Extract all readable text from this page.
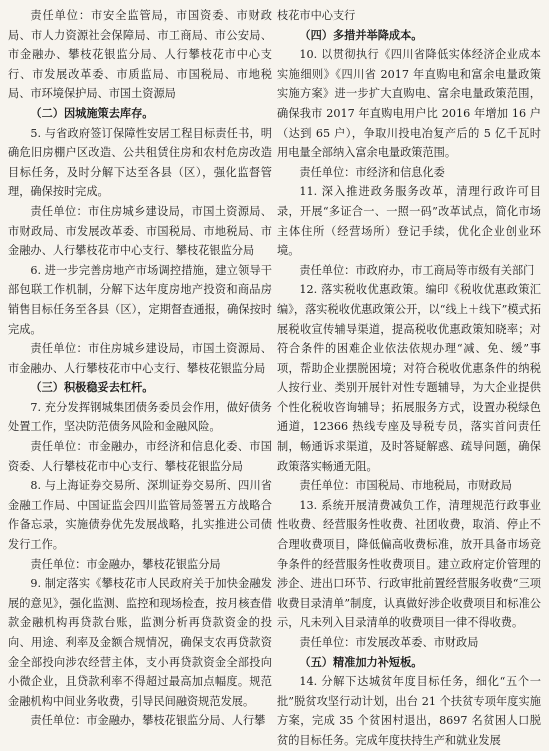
责任单位：市安全监管局，市国资委、市财政局、市人力资源社会保障局、市工商局、市公安局、市金融办、攀枝花银监分局、人行攀枝花市中心支行、市发展改革委、市质监局、市国税局、市地税局、市环境保护局、市国土资源局

（二）因城施策去库存。

5. 与省政府签订保障性安居工程目标责任书，明确危旧房棚户区改造、公共租赁住房和农村危房改造目标任务，及时分解下达至各县（区），强化监督管理，确保按时完成。

责任单位：市住房城乡建设局，市国土资源局、市财政局、市发展改革委、市国税局、市地税局、市金融办、人行攀枝花市中心支行、攀枝花银监分局

6. 进一步完善房地产市场调控措施，建立领导干部包联工作机制，分解下达年度房地产投资和商品房销售目标任务至各县（区），定期督查通报，确保按时完成。

责任单位：市住房城乡建设局，市国土资源局、市金融办、人行攀枝花市中心支行、攀枝花银监分局

（三）积极稳妥去杠杆。

7. 充分发挥钢城集团债务委员会作用，做好债务处置工作，坚决防范债务风险和金融风险。

责任单位：市金融办，市经济和信息化委、市国资委、人行攀枝花市中心支行、攀枝花银监分局

8. 与上海证券交易所、深圳证券交易所、四川省金融工作局、中国证监会四川监管局签署五方战略合作备忘录，实施债券优先发展战略，扎实推进公司债发行工作。

责任单位：市金融办，攀枝花银监分局

9. 制定落实《攀枝花市人民政府关于加快金融发展的意见》，强化监测、监控和现场检查，按月核查借款金融机构再贷款台账，监测分析再贷款资金的投向、用途、利率及金额合规情况，确保支农再贷款资金全部投向涉农经营主体，支小再贷款资金全部投向小微企业，且贷款利率不得超过最高加点幅度。规范金融机构中间业务收费，引导民间融资规范发展。

责任单位：市金融办，攀枝花银监分局、人行攀

枝花市中心支行

（四）多措并举降成本。

10. 以贯彻执行《四川省降低实体经济企业成本实施细则》《四川省 2017 年直购电和富余电量政策实施方案》进一步扩大直购电、富余电量政策范围，确保我市 2017 年直购电用户比 2016 年增加 16 户（达到 65 户），争取川投电冶复产后的 5 亿千瓦时用电量全部纳入富余电量政策范围。

责任单位：市经济和信息化委

11. 深入推进政务服务改革，清理行政许可目录，开展“多证合一、一照一码”改革试点，简化市场主体住所（经营场所）登记手续，优化企业创业环境。

责任单位：市政府办，市工商局等市级有关部门

12. 落实税收优惠政策。编印《税收优惠政策汇编》，落实税收优惠政策公开，以“线上＋线下”模式拓展税收宣传辅导渠道，提高税收优惠政策知晓率；对符合条件的困难企业依法依规办理“减、免、缓”事项，帮助企业摆脱困境；对符合税收优惠条件的纳税人按行业、类别开展针对性专题辅导，为大企业提供个性化税收咨询辅导；拓展服务方式，设置办税绿色通道，12366 热线专座及导税专员，落实首问责任制，畅通诉求渠道，及时答疑解惑、疏导问题，确保政策落实畅通无阻。

责任单位：市国税局、市地税局，市财政局

13. 系统开展清费减负工作，清理规范行政事业性收费、经营服务性收费、社团收费，取消、停止不合理收费项目，降低偏高收费标准，放开具备市场竞争条件的经营服务性收费项目。建立政府定价管理的涉企、进出口环节、行政审批前置经营服务收费“三项收费目录清单”制度，认真做好涉企收费项目和标准公示，凡未列入目录清单的收费项目一律不得收费。

责任单位：市发展改革委、市财政局

（五）精准加力补短板。

14. 分解下达城贫年度目标任务，细化“五个一批”脱贫攻坚行动计划，出台 21 个扶贫专项年度实施方案，完成 35 个贫困村退出，8697 名贫困人口脱贫的目标任务。完成年度扶持生产和就业发展
